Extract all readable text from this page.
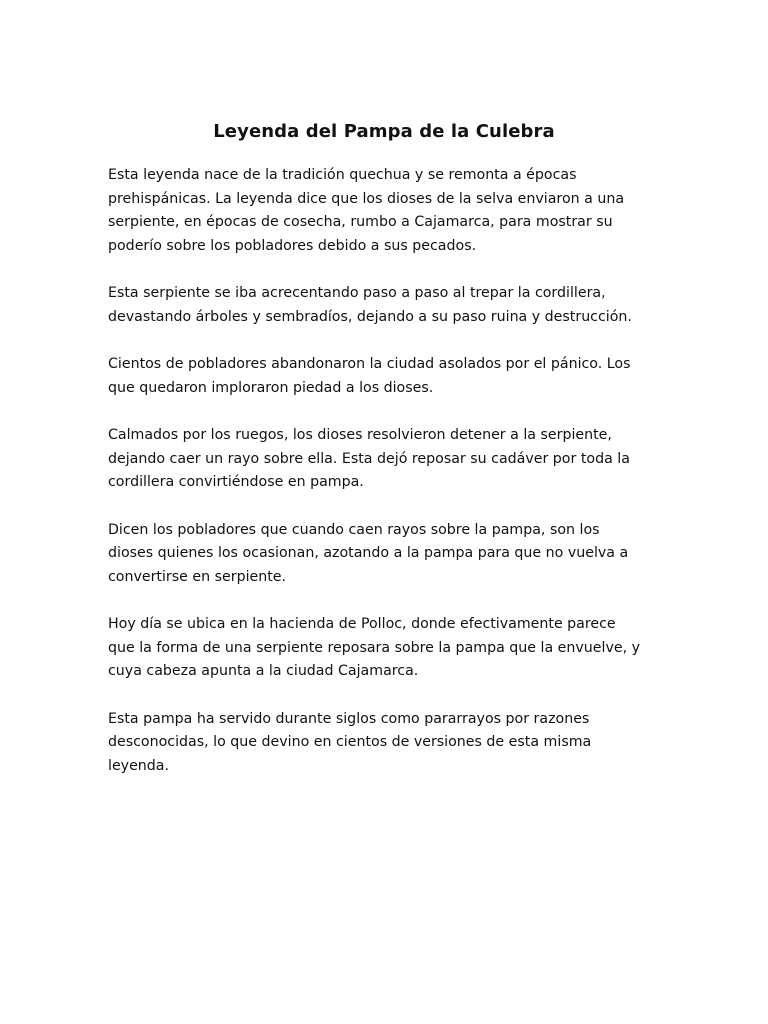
Leyenda del Pampa de la Culebra

Esta leyenda nace de la tradición quechua y se remonta a épocas
prehispánicas. La leyenda dice que los dioses de la selva enviaron a una
serpiente, en épocas de cosecha, rumbo a Cajamarca, para mostrar su
poderío sobre los pobladores debido a sus pecados.

Esta serpiente se iba acrecentando paso a paso al trepar la cordillera,
devastando árboles y sembradíos, dejando a su paso ruina y destrucción.

Cientos de pobladores abandonaron la ciudad asolados por el pánico. Los
que quedaron imploraron piedad a los dioses.

Calmados por los ruegos, los dioses resolvieron detener a la serpiente,
dejando caer un rayo sobre ella. Esta dejó reposar su cadáver por toda la
cordillera convirtiéndose en pampa.

Dicen los pobladores que cuando caen rayos sobre la pampa, son los
dioses quienes los ocasionan, azotando a la pampa para que no vuelva a
convertirse en serpiente.

Hoy día se ubica en la hacienda de Polloc, donde efectivamente parece
que la forma de una serpiente reposara sobre la pampa que la envuelve, y
cuya cabeza apunta a la ciudad Cajamarca.

Esta pampa ha servido durante siglos como pararrayos por razones
desconocidas, lo que devino en cientos de versiones de esta misma
leyenda.
